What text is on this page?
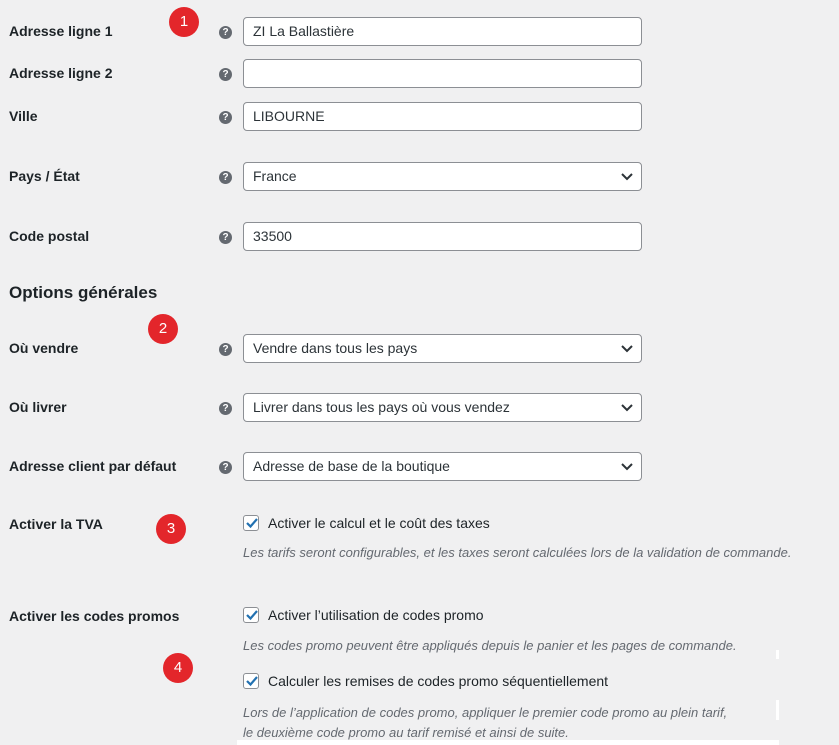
Adresse ligne 1	?	ZI La Ballastière
Adresse ligne 2	?
Ville	?	LIBOURNE
Pays / État	?	France
Code postal	?	33500
Options générales
Où vendre	?	Vendre dans tous les pays
Où livrer	?	Livrer dans tous les pays où vous vendez
Adresse client par défaut	?	Adresse de base de la boutique
Activer la TVA	Activer le calcul et le coût des taxes
Les tarifs seront configurables, et les taxes seront calculées lors de la validation de commande.
Activer les codes promos	Activer l’utilisation de codes promo
Les codes promo peuvent être appliqués depuis le panier et les pages de commande.
Calculer les remises de codes promo séquentiellement
Lors de l’application de codes promo, appliquer le premier code promo au plein tarif,
le deuxième code promo au tarif remisé et ainsi de suite.
1
2
3
4
